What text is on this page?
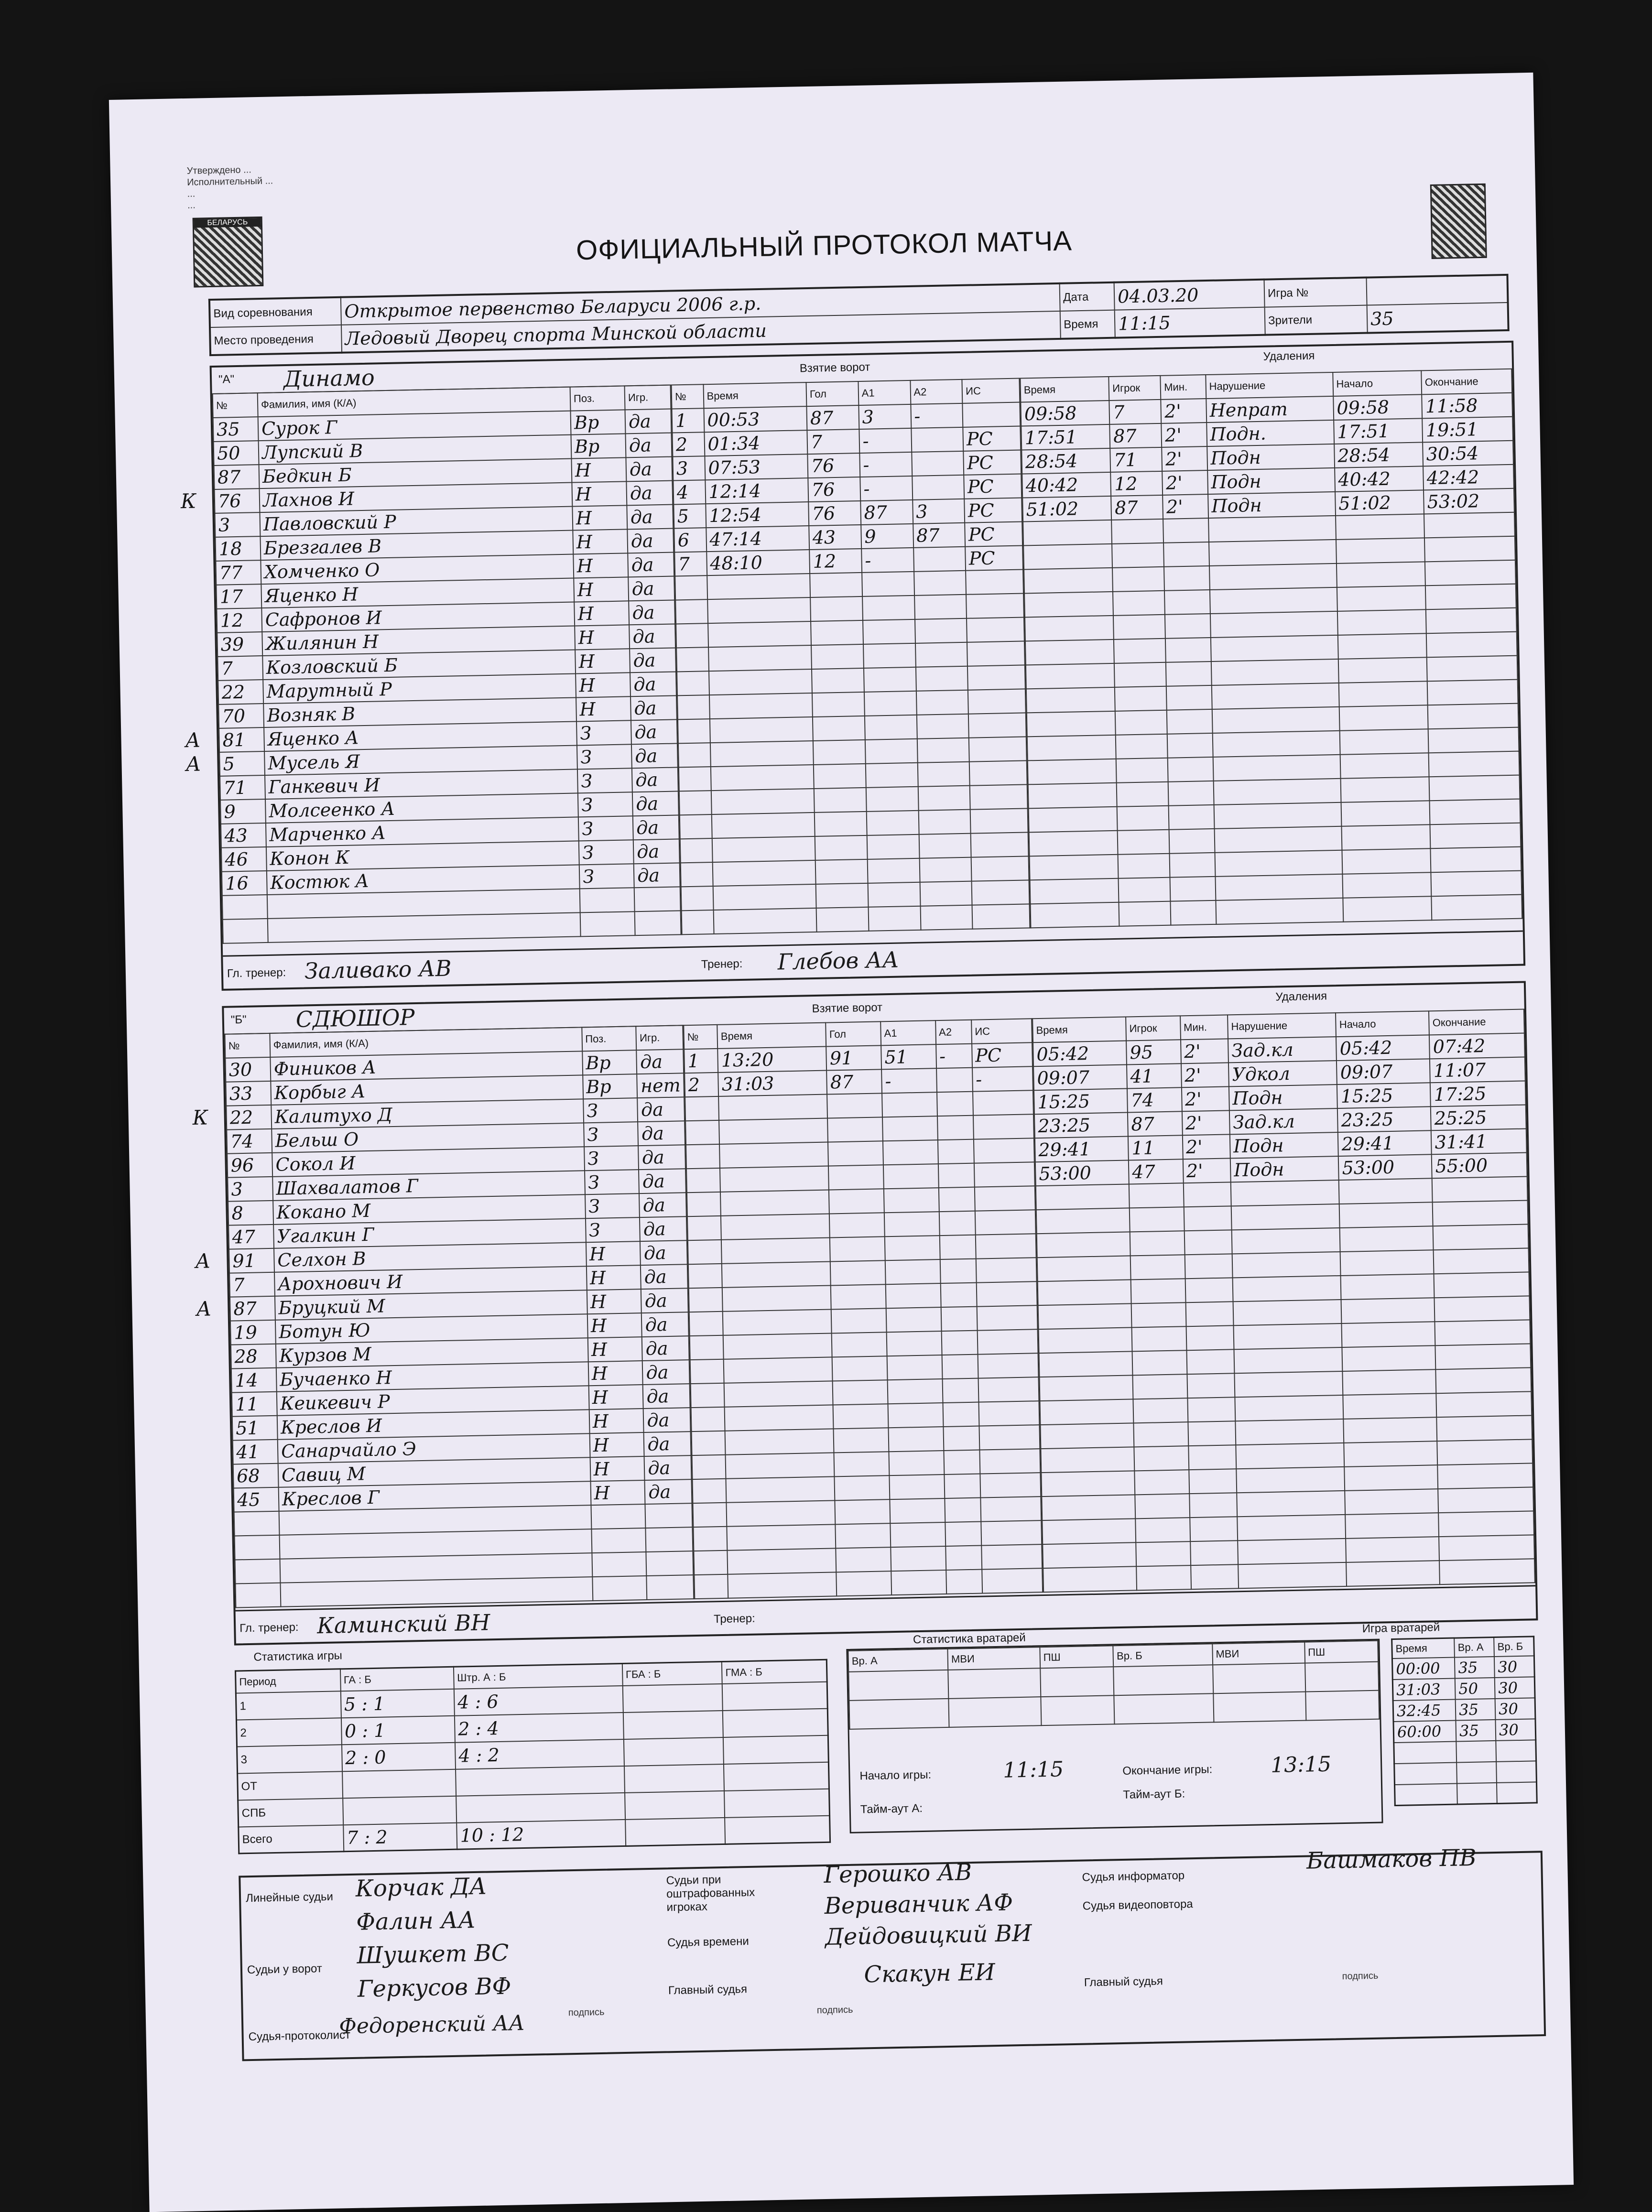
Утверждено ...
Исполнительный ...
...
...
БЕЛАРУСЬ
ОФИЦИАЛЬНЫЙ ПРОТОКОЛ МАТЧА
Вид соревнования	Открытое первенство Беларуси 2006 г.р.	Дата	04.03.20	Игра №	
Место проведения	Ледовый Дворец спорта Минской области	Время	11:15	Зрители	35
"А" Динамо	Взятие ворот
Удаления
№	Фамилия, имя (К/А)	Поз.	Игр.
35	Сурок Г	Вр	да
50	Лупский В	Вр	да
87	Бедкин Б	Н	да
76	Лахнов И	Н	да
3	Павловский Р	Н	да
18	Брезгалев В	Н	да
77	Хомченко О	Н	да
17	Яценко Н	Н	да
12	Сафронов И	Н	да
39	Жилянин Н	Н	да
7	Козловский Б	Н	да
22	Марутный Р	Н	да
70	Возняк В	Н	да
81	Яценко А	З	да
5	Мусель Я	З	да
71	Ганкевич И	З	да
9	Молсеенко А	З	да
43	Марченко А	З	да
46	Конон К	З	да
16	Костюк А	З	да

№	Время	Гол	А1	А2	ИС
1	00:53	87	3	-	
2	01:34	7	-		РС
3	07:53	76	-		РС
4	12:14	76	-		РС
5	12:54	76	87	3	РС
6	47:14	43	9	87	РС
7	48:10	12	-		РС

Время	Игрок	Мин.	Нарушение	Начало	Окончание
09:58	7	2'	Непрат	09:58	11:58
17:51	87	2'	Подн.	17:51	19:51
28:54	71	2'	Подн	28:54	30:54
40:42	12	2'	Подн	40:42	42:42
51:02	87	2'	Подн	51:02	53:02

Гл. тренер: Заливако АВ	Тренер: Глебов АА
К
А
А
"Б" СДЮШОР	Взятие ворот
Удаления
№	Фамилия, имя (К/А)	Поз.	Игр.
30	Фиников А	Вр	да
33	Корбыг А	Вр	нет
22	Калитухо Д	З	да
74	Бельш О	З	да
96	Сокол И	З	да
3	Шахвалатов Г	З	да
8	Кокано М	З	да
47	Угалкин Г	З	да
91	Селхон В	Н	да
7	Арохнович И	Н	да
87	Бруцкий М	Н	да
19	Ботун Ю	Н	да
28	Курзов М	Н	да
14	Бучаенко Н	Н	да
11	Кеикевич Р	Н	да
51	Креслов И	Н	да
41	Санарчайло Э	Н	да
68	Савиц М	Н	да
45	Креслов Г	Н	да

№	Время	Гол	А1	А2	ИС
1	13:20	91	51	-	РС
2	31:03	87	-		-

Время	Игрок	Мин.	Нарушение	Начало	Окончание
05:42	95	2'	Зад.кл	05:42	07:42
09:07	41	2'	Удкол	09:07	11:07
15:25	74	2'	Подн	15:25	17:25
23:25	87	2'	Зад.кл	23:25	25:25
29:41	11	2'	Подн	29:41	31:41
53:00	47	2'	Подн	53:00	55:00

Гл. тренер: Каминский ВН	Тренер:
К
А
А
Статистика игры
Период	ГА : Б	Штр. А : Б	ГБА : Б	ГМА : Б
1	5 : 1	4 : 6		
2	0 : 1	2 : 4		
3	2 : 0	4 : 2		
ОТ				
СПБ				
Всего	7 : 2	10 : 12		
Статистика вратарей
Вр. А	МВИ	ПШ	Вр. Б	МВИ	ПШ

Начало игры:	11:15	Окончание игры:	13:15
Тайм-аут А:
Тайм-аут Б:
Игра вратарей
Время	Вр. А	Вр. Б
00:00	35	30
31:03	50	30
32:45	35	30
60:00	35	30

Линейные судьи Корчак ДА
Фалин АА
Судьи у ворот
Шушкет ВС
Геркусов ВФ
Судья-протоколист
Федоренский АА	подпись
Судьи при оштрафованных игроках
Герошко АВ
Вериванчик АФ
Судья времени	Дейдовицкий ВИ
Главный судья
Скакун ЕИ
подпись
Судья информатор
Башмаков ПВ
Судья видеоповтора
Главный судья	подпись
